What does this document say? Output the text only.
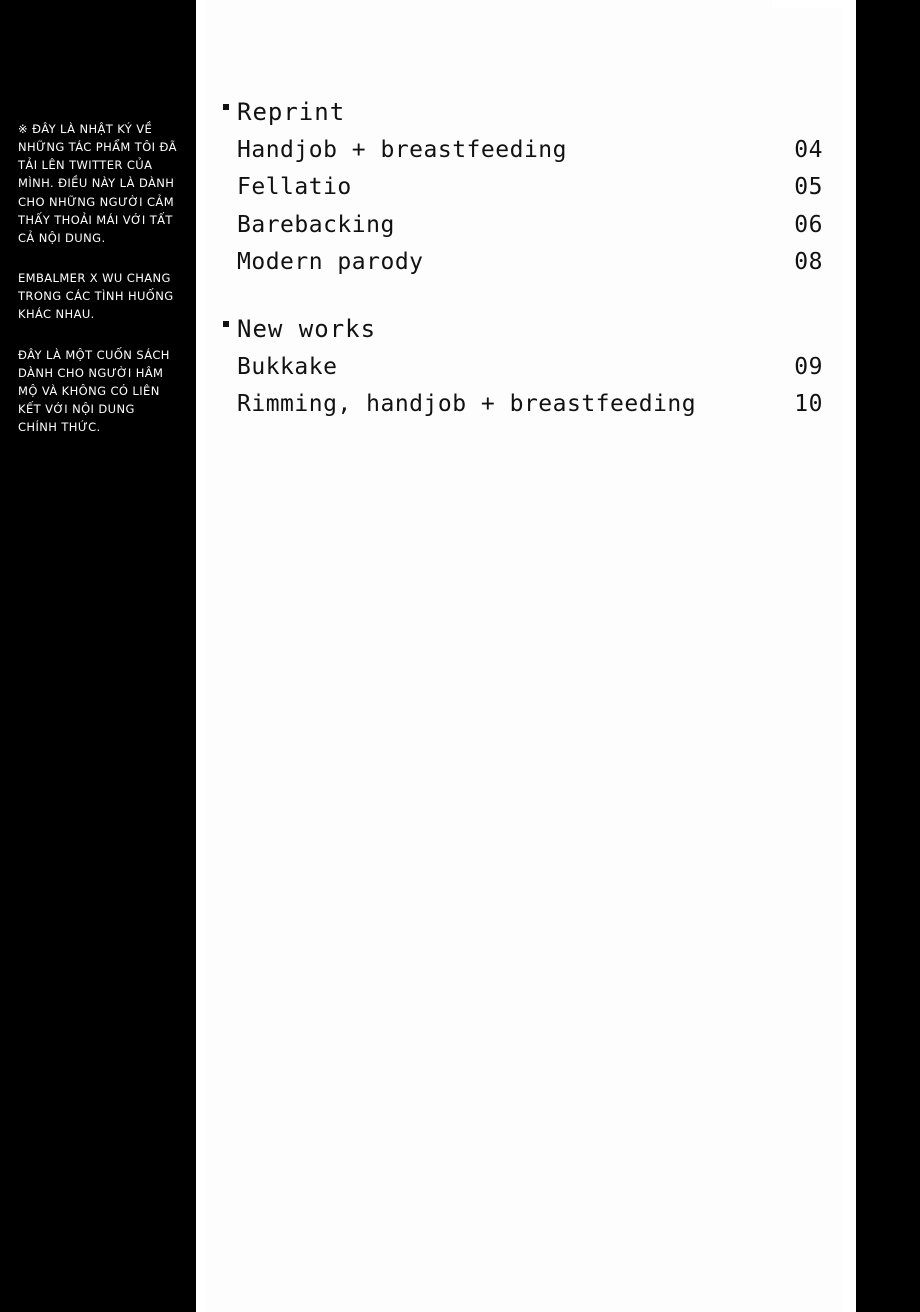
※ ĐÂY LÀ NHẬT KÝ VỀ NHỮNG TÁC PHẨM TÔI ĐÃ TẢI LÊN TWITTER CỦA MÌNH. ĐIỀU NÀY LÀ DÀNH CHO NHỮNG NGƯỜI CẢM THẤY THOẢI MÁI VỚI TẤT CẢ NỘI DUNG.
EMBALMER X WU CHANG TRONG CÁC TÌNH HUỐNG KHÁC NHAU.
ĐÂY LÀ MỘT CUỐN SÁCH DÀNH CHO NGƯỜI HÂM MỘ VÀ KHÔNG CÓ LIÊN KẾT VỚI NỘI DUNG CHÍNH THỨC.
Reprint
Handjob + breastfeeding	04
Fellatio	05
Barebacking	06
Modern parody	08
New works
Bukkake	09
Rimming, handjob + breastfeeding	10
